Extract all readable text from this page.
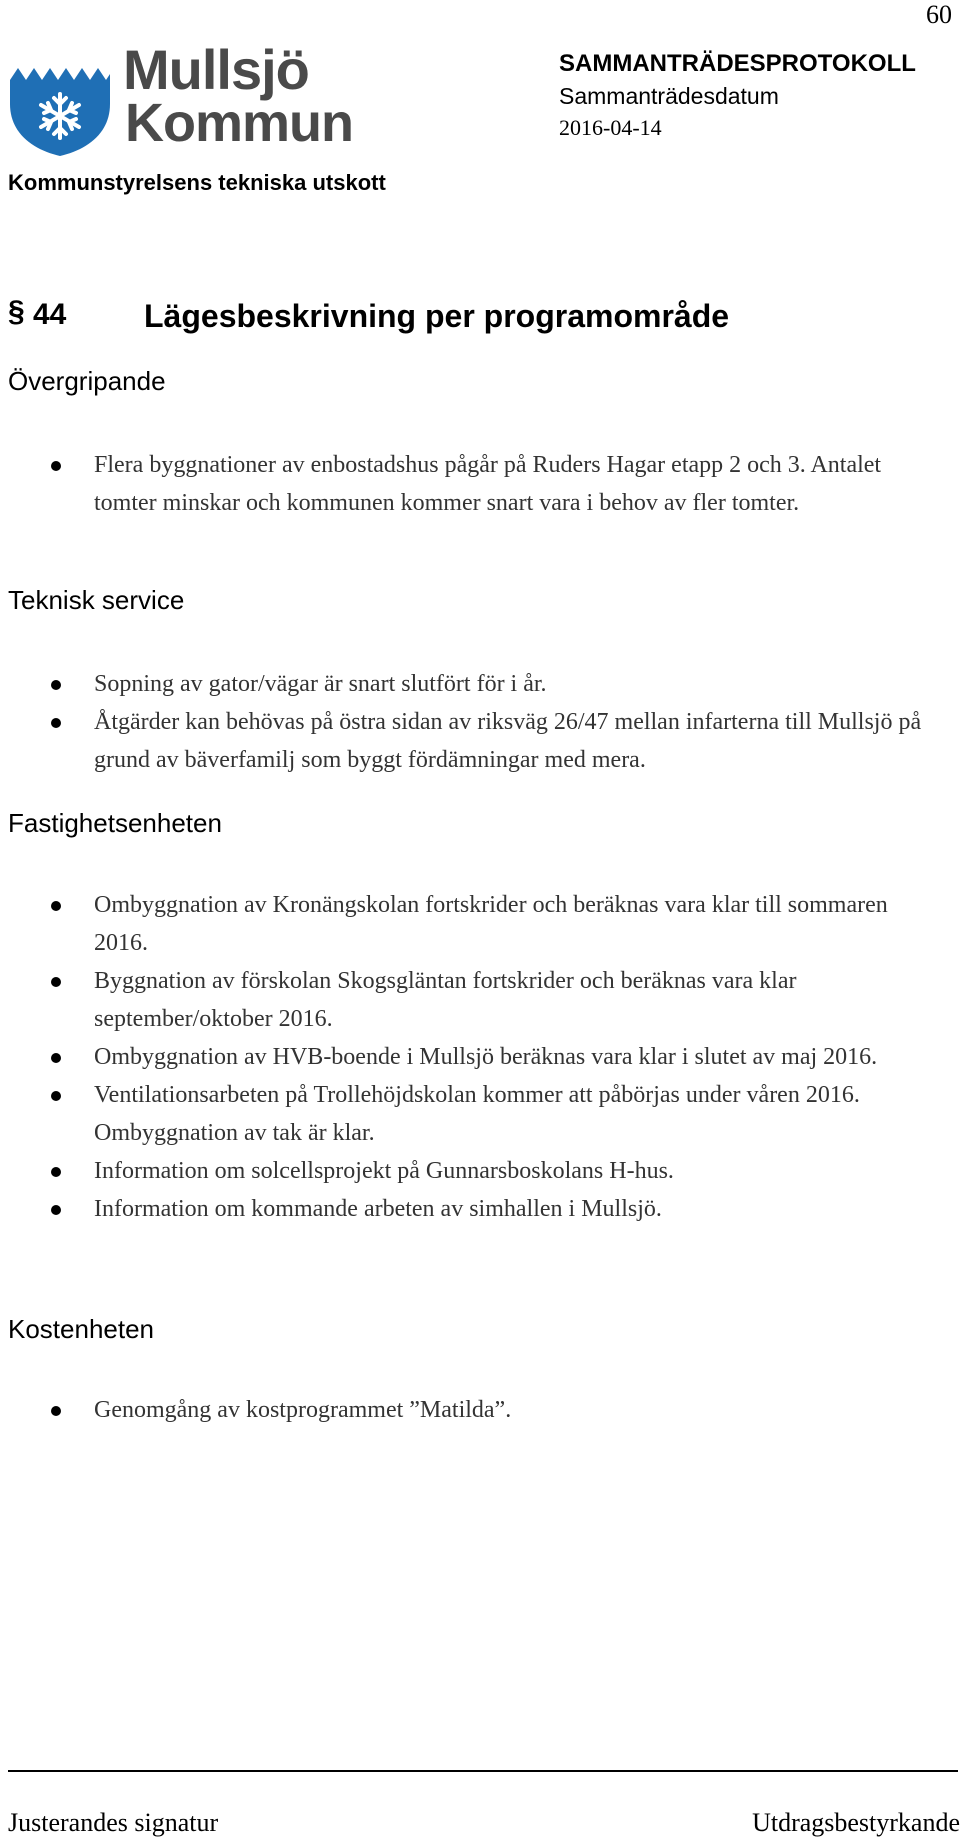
60
Mullsjö
Kommun
SAMMANTRÄDESPROTOKOLL
Sammanträdesdatum
2016-04-14
Kommunstyrelsens tekniska utskott
§ 44 Lägesbeskrivning per programområde
Övergripande
Flera byggnationer av enbostadshus pågår på Ruders Hagar etapp 2 och 3. Antalet tomter minskar och kommunen kommer snart vara i behov av fler tomter.
Teknisk service
Sopning av gator/vägar är snart slutfört för i år.
Åtgärder kan behövas på östra sidan av riksväg 26/47 mellan infarterna till Mullsjö på grund av bäverfamilj som byggt fördämningar med mera.
Fastighetsenheten
Ombyggnation av Kronängskolan fortskrider och beräknas vara klar till sommaren 2016.
Byggnation av förskolan Skogsgläntan fortskrider och beräknas vara klar september/oktober 2016.
Ombyggnation av HVB-boende i Mullsjö beräknas vara klar i slutet av maj 2016.
Ventilationsarbeten på Trollehöjdskolan kommer att påbörjas under våren 2016. Ombyggnation av tak är klar.
Information om solcellsprojekt på Gunnarsboskolans H-hus.
Information om kommande arbeten av simhallen i Mullsjö.
Kostenheten
Genomgång av kostprogrammet ”Matilda”.
Justerandes signatur	Utdragsbestyrkande
